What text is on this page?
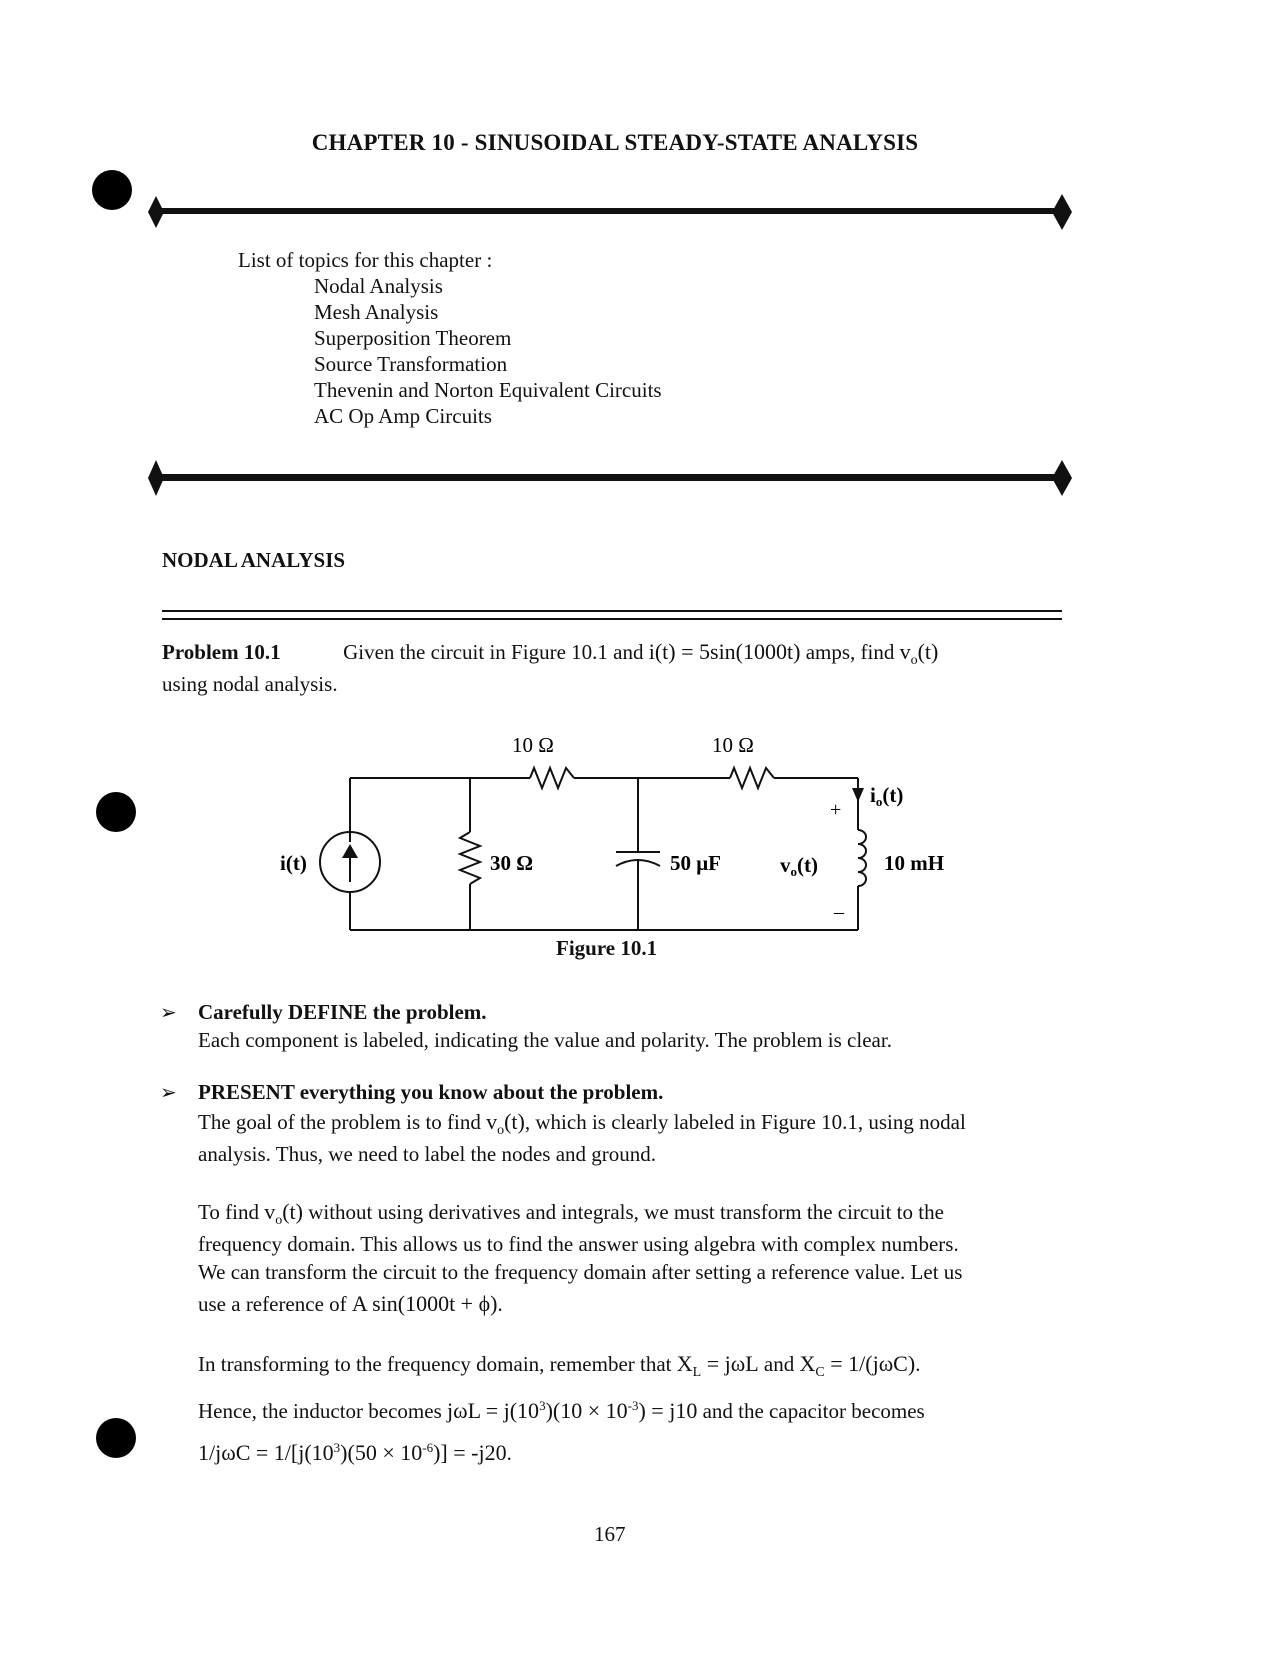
CHAPTER 10 - SINUSOIDAL STEADY-STATE ANALYSIS
List of topics for this chapter :
Nodal Analysis
Mesh Analysis
Superposition Theorem
Source Transformation
Thevenin and Norton Equivalent Circuits
AC Op Amp Circuits
NODAL ANALYSIS
Problem 10.1	Given the circuit in Figure 10.1 and i(t) = 5sin(1000t) amps, find $v_o(t)$
using nodal analysis.
10 Ω	10 Ω
30 Ω	50 μF	10 mH
i(t)
io(t)
vo(t)
+
–
Figure 10.1
➢ Carefully DEFINE the problem.
Each component is labeled, indicating the value and polarity. The problem is clear.
➢ PRESENT everything you know about the problem.
The goal of the problem is to find $v_o(t)$, which is clearly labeled in Figure 10.1, using nodal
analysis. Thus, we need to label the nodes and ground.
To find $v_o(t)$ without using derivatives and integrals, we must transform the circuit to the
frequency domain. This allows us to find the answer using algebra with complex numbers.
We can transform the circuit to the frequency domain after setting a reference value. Let us
use a reference of A sin(1000t + ϕ).
In transforming to the frequency domain, remember that $X_L = j\omega L$ and $X_C = 1/(j\omega C)$.
Hence, the inductor becomes $j\omega L = j(10^3)(10 \times 10^{-3}) = j10$ and the capacitor becomes
$1/j\omega C = 1/[j(10^3)(50 \times 10^{-6})] = -j20$.
167
